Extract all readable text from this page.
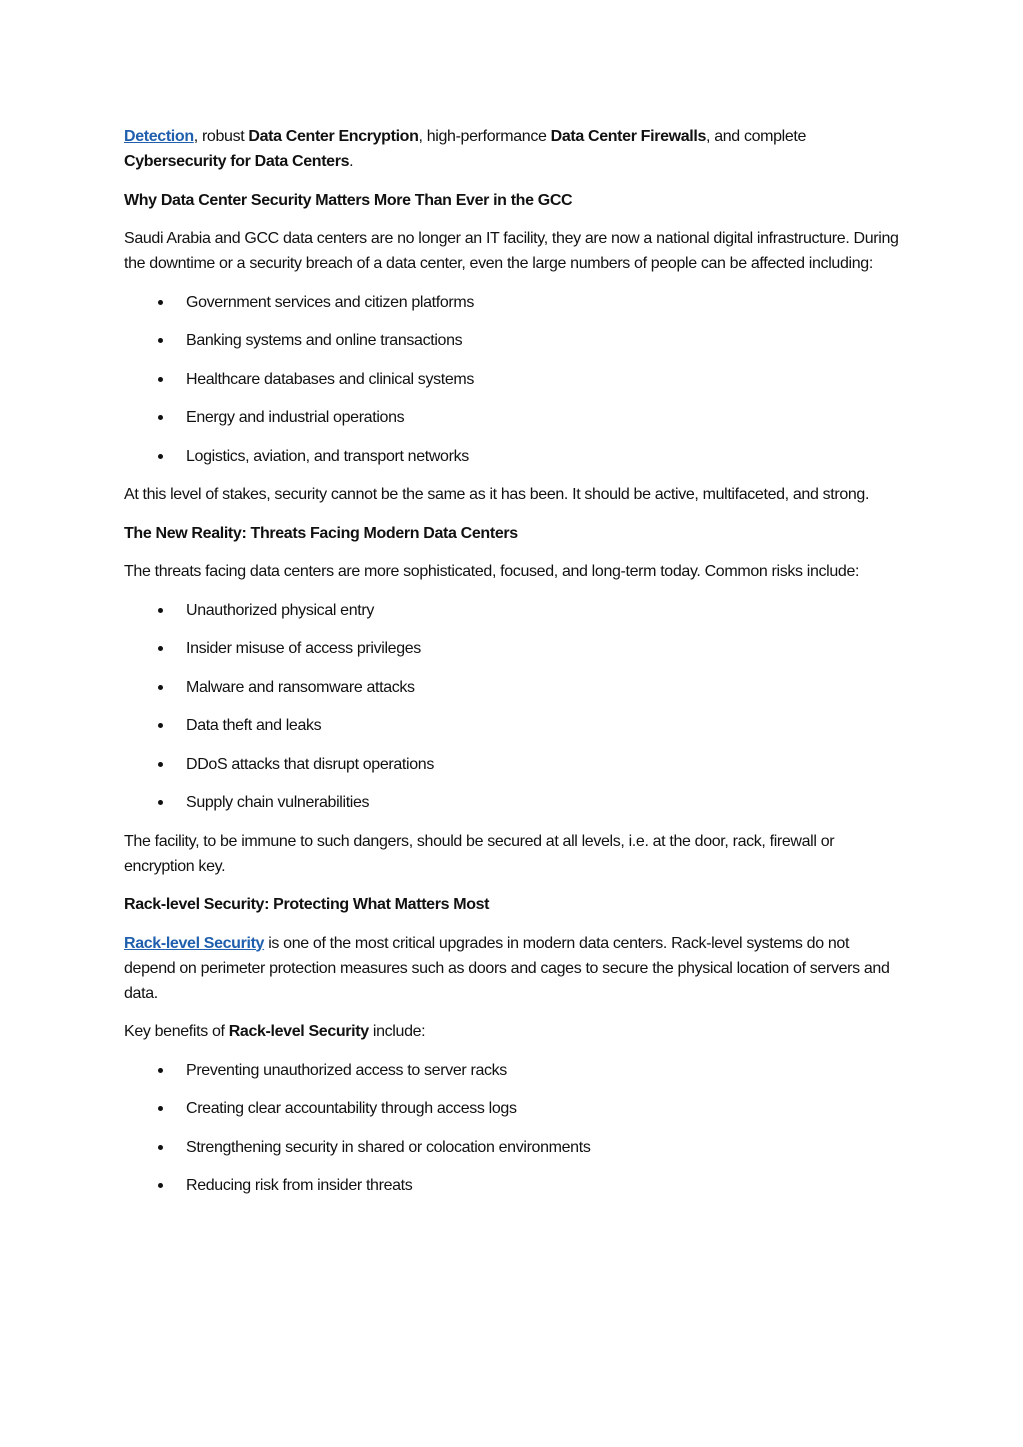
Detection, robust Data Center Encryption, high-performance Data Center Firewalls, and complete Cybersecurity for Data Centers.

Why Data Center Security Matters More Than Ever in the GCC

Saudi Arabia and GCC data centers are no longer an IT facility, they are now a national digital infrastructure. During the downtime or a security breach of a data center, even the large numbers of people can be affected including:

Government services and citizen platforms
Banking systems and online transactions
Healthcare databases and clinical systems
Energy and industrial operations
Logistics, aviation, and transport networks

At this level of stakes, security cannot be the same as it has been. It should be active, multifaceted, and strong.

The New Reality: Threats Facing Modern Data Centers

The threats facing data centers are more sophisticated, focused, and long-term today. Common risks include:

Unauthorized physical entry
Insider misuse of access privileges
Malware and ransomware attacks
Data theft and leaks
DDoS attacks that disrupt operations
Supply chain vulnerabilities

The facility, to be immune to such dangers, should be secured at all levels, i.e. at the door, rack, firewall or encryption key.

Rack-level Security: Protecting What Matters Most

Rack-level Security is one of the most critical upgrades in modern data centers. Rack-level systems do not depend on perimeter protection measures such as doors and cages to secure the physical location of servers and data.

Key benefits of Rack-level Security include:

Preventing unauthorized access to server racks
Creating clear accountability through access logs
Strengthening security in shared or colocation environments
Reducing risk from insider threats
